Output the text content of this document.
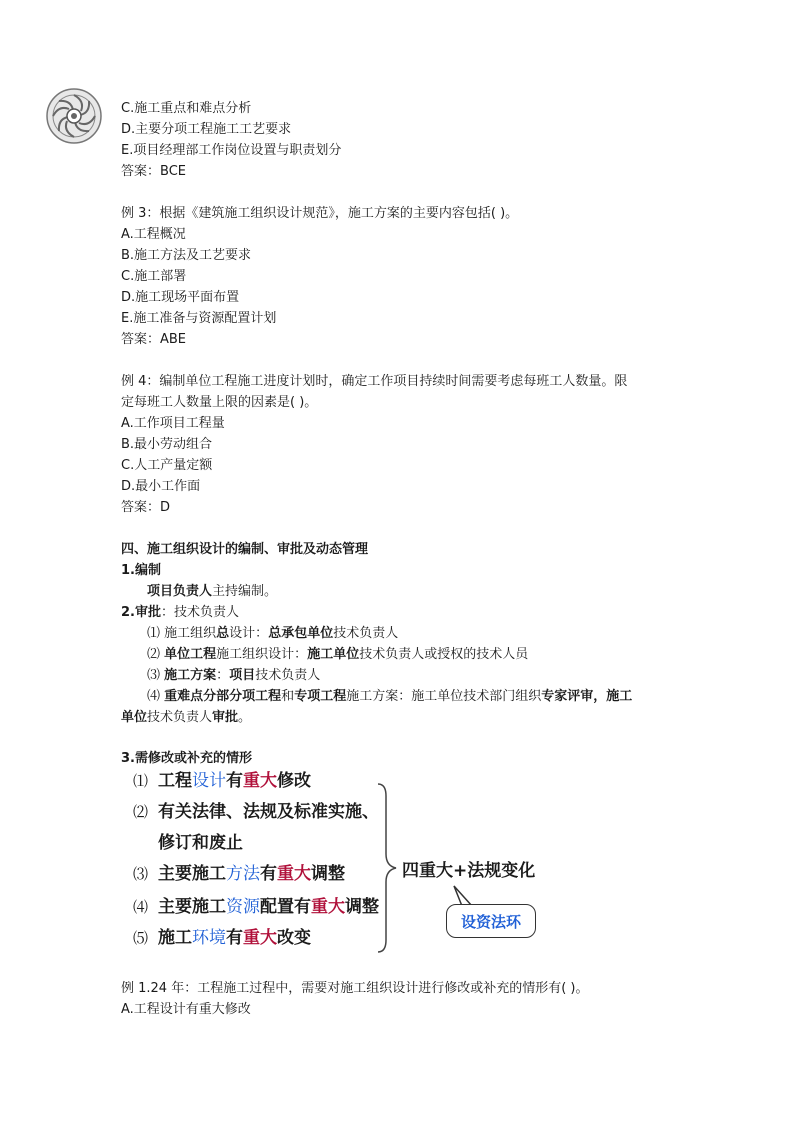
C.施工重点和难点分析
D.主要分项工程施工工艺要求
E.项目经理部工作岗位设置与职责划分
答案：BCE
例 3：根据《建筑施工组织设计规范》，施工方案的主要内容包括( )。
A.工程概况
B.施工方法及工艺要求
C.施工部署
D.施工现场平面布置
E.施工准备与资源配置计划
答案：ABE
例 4：编制单位工程施工进度计划时，确定工作项目持续时间需要考虑每班工人数量。限
定每班工人数量上限的因素是( )。
A.工作项目工程量
B.最小劳动组合
C.人工产量定额
D.最小工作面
答案：D
四、施工组织设计的编制、审批及动态管理
1.编制
项目负责人主持编制。
2.审批：技术负责人
⑴ 施工组织总设计：总承包单位技术负责人
⑵ 单位工程施工组织设计：施工单位技术负责人或授权的技术人员
⑶ 施工方案：项目技术负责人
⑷ 重难点分部分项工程和专项工程施工方案：施工单位技术部门组织专家评审，施工
单位技术负责人审批。
3.需修改或补充的情形
⑴ 工程设计有重大修改
⑵ 有关法律、法规及标准实施、
修订和废止
⑶ 主要施工方法有重大调整
⑷ 主要施工资源配置有重大调整
⑸ 施工环境有重大改变
四重大+法规变化
设资法环
例 1.24 年：工程施工过程中，需要对施工组织设计进行修改或补充的情形有( )。
A.工程设计有重大修改
